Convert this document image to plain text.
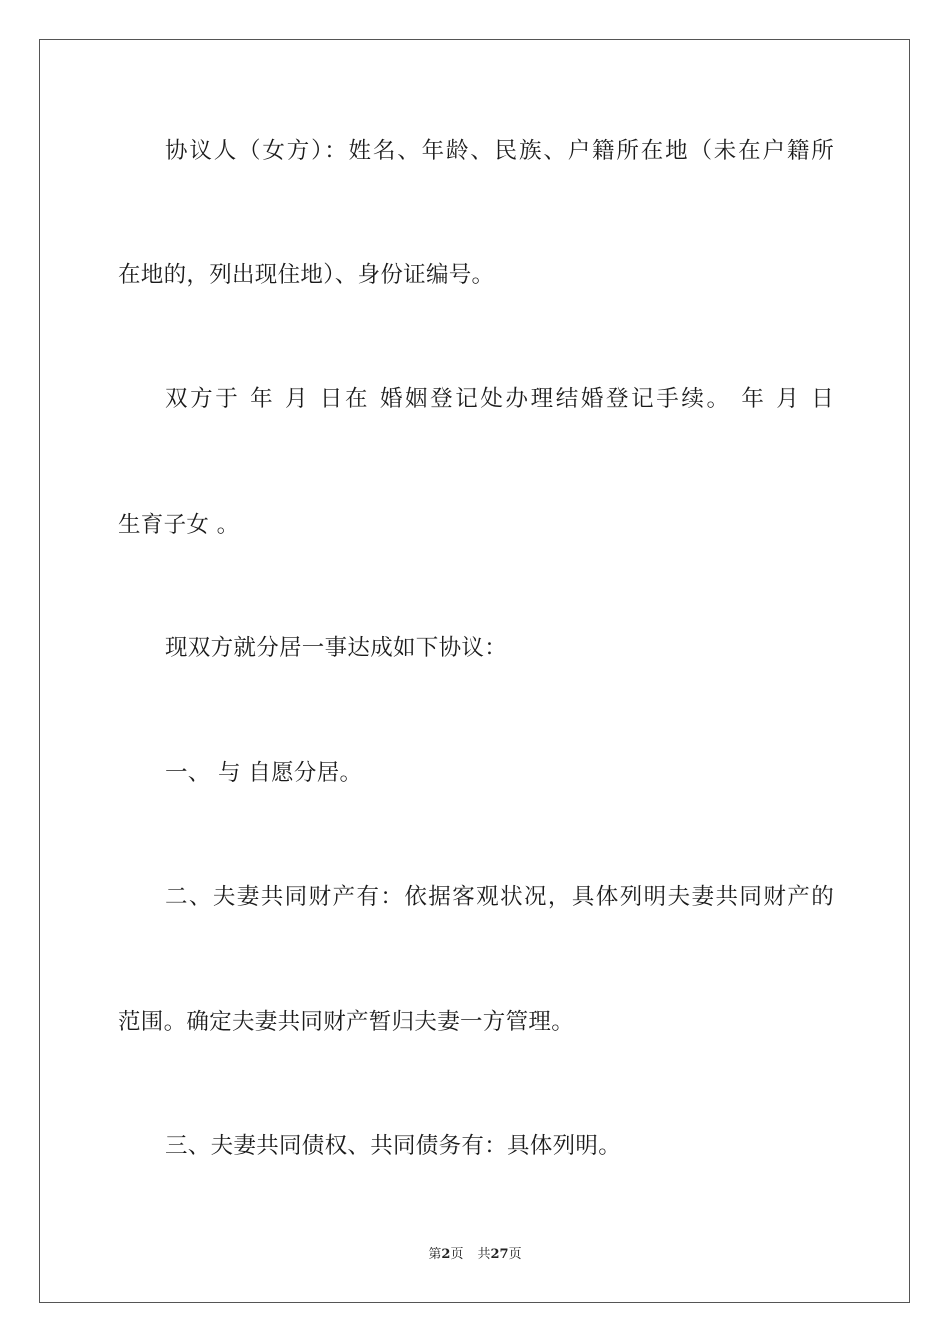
协议人（女方）：姓名、年龄、民族、户籍所在地（未在户籍所
在地的，列出现住地）、身份证编号。
双方于 年 月 日在 婚姻登记处办理结婚登记手续。 年 月 日
生育子女 。
现双方就分居一事达成如下协议：
一、 与 自愿分居。
二、夫妻共同财产有：依据客观状况，具体列明夫妻共同财产的
范围。确定夫妻共同财产暂归夫妻一方管理。
三、夫妻共同债权、共同债务有：具体列明。
第2页 共27页
